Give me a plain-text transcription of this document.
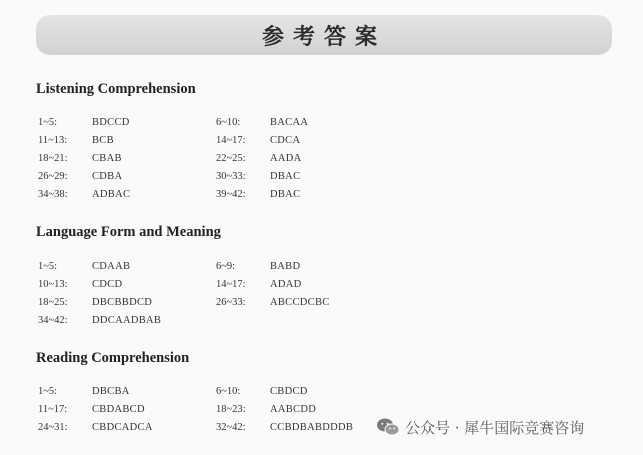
参考答案
Listening Comprehension
1~5:	BDCCD	6~10:	BACAA
11~13: BCB	14~17: CDCA
18~21: CBAB	22~25: AADA
26~29: CDBA	30~33: DBAC
34~38: ADBAC	39~42: DBAC
Language Form and Meaning
1~5:	CDAAB	6~9:	BABD
10~13: CDCD	14~17: ADAD
18~25: DBCBBDCD	26~33: ABCCDCBC
34~42: DDCAADBAB
Reading Comprehension
1~5:	DBCBA	6~10:	CBDCD
11~17: CBDABCD	18~23: AABCDD
24~31: CBDCADCA	32~42: CCBDBABDDDB	公众号 · 犀牛国际竞赛咨询
